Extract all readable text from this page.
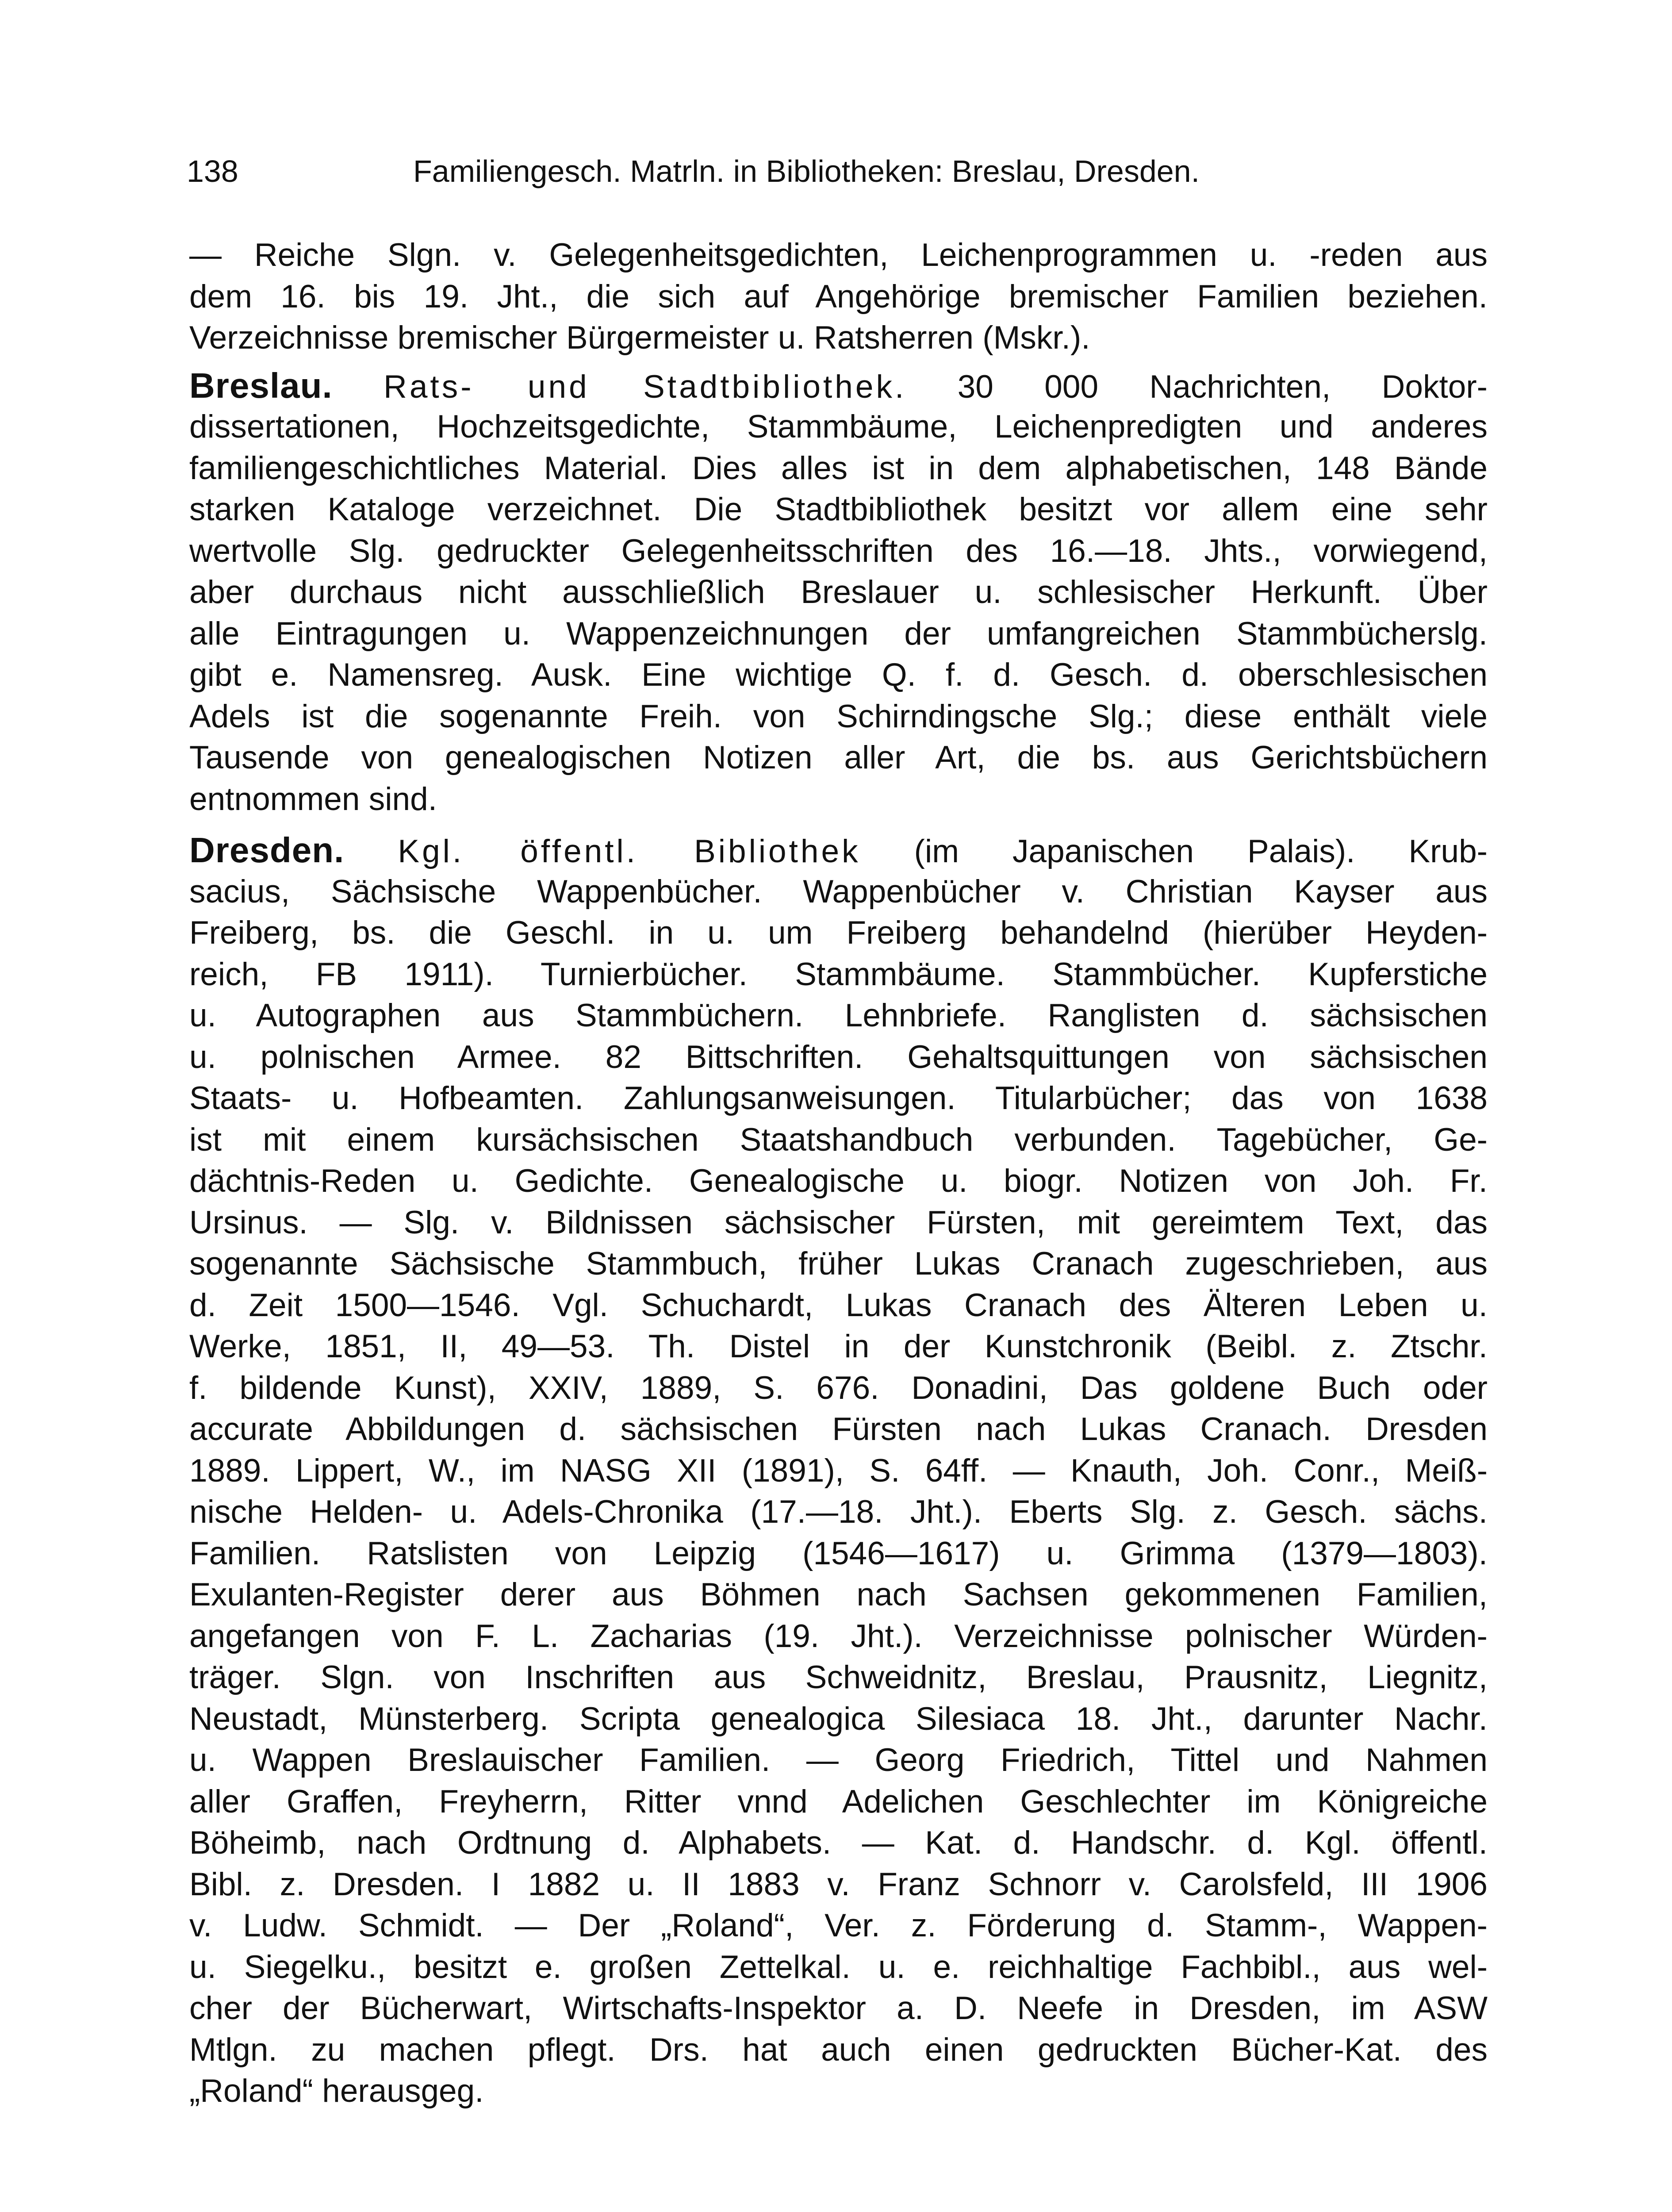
138	Familiengesch. Matrln. in Bibliotheken: Breslau, Dresden.
— Reiche Slgn. v. Gelegenheitsgedichten, Leichenprogrammen u. -reden aus
dem 16. bis 19. Jht., die sich auf Angehörige bremischer Familien beziehen.
Verzeichnisse bremischer Bürgermeister u. Ratsherren (Mskr.).
Breslau. Rats- und Stadtbibliothek. 30 000 Nachrichten, Doktor-
dissertationen, Hochzeitsgedichte, Stammbäume, Leichenpredigten und anderes
familiengeschichtliches Material. Dies alles ist in dem alphabetischen, 148 Bände
starken Kataloge verzeichnet. Die Stadtbibliothek besitzt vor allem eine sehr
wertvolle Slg. gedruckter Gelegenheitsschriften des 16.—18. Jhts., vorwiegend,
aber durchaus nicht ausschließlich Breslauer u. schlesischer Herkunft. Über
alle Eintragungen u. Wappenzeichnungen der umfangreichen Stammbücherslg.
gibt e. Namensreg. Ausk. Eine wichtige Q. f. d. Gesch. d. oberschlesischen
Adels ist die sogenannte Freih. von Schirndingsche Slg.; diese enthält viele
Tausende von genealogischen Notizen aller Art, die bs. aus Gerichtsbüchern
entnommen sind.
Dresden. Kgl. öffentl. Bibliothek (im Japanischen Palais). Krub-
sacius, Sächsische Wappenbücher. Wappenbücher v. Christian Kayser aus
Freiberg, bs. die Geschl. in u. um Freiberg behandelnd (hierüber Heyden-
reich, FB 1911). Turnierbücher. Stammbäume. Stammbücher. Kupferstiche
u. Autographen aus Stammbüchern. Lehnbriefe. Ranglisten d. sächsischen
u. polnischen Armee. 82 Bittschriften. Gehaltsquittungen von sächsischen
Staats- u. Hofbeamten. Zahlungsanweisungen. Titularbücher; das von 1638
ist mit einem kursächsischen Staatshandbuch verbunden. Tagebücher, Ge-
dächtnis-Reden u. Gedichte. Genealogische u. biogr. Notizen von Joh. Fr.
Ursinus. — Slg. v. Bildnissen sächsischer Fürsten, mit gereimtem Text, das
sogenannte Sächsische Stammbuch, früher Lukas Cranach zugeschrieben, aus
d. Zeit 1500—1546. Vgl. Schuchardt, Lukas Cranach des Älteren Leben u.
Werke, 1851, II, 49—53. Th. Distel in der Kunstchronik (Beibl. z. Ztschr.
f. bildende Kunst), XXIV, 1889, S. 676. Donadini, Das goldene Buch oder
accurate Abbildungen d. sächsischen Fürsten nach Lukas Cranach. Dresden
1889. Lippert, W., im NASG XII (1891), S. 64ff. — Knauth, Joh. Conr., Meiß-
nische Helden- u. Adels-Chronika (17.—18. Jht.). Eberts Slg. z. Gesch. sächs.
Familien. Ratslisten von Leipzig (1546—1617) u. Grimma (1379—1803).
Exulanten-Register derer aus Böhmen nach Sachsen gekommenen Familien,
angefangen von F. L. Zacharias (19. Jht.). Verzeichnisse polnischer Würden-
träger. Slgn. von Inschriften aus Schweidnitz, Breslau, Prausnitz, Liegnitz,
Neustadt, Münsterberg. Scripta genealogica Silesiaca 18. Jht., darunter Nachr.
u. Wappen Breslauischer Familien. — Georg Friedrich, Tittel und Nahmen
aller Graffen, Freyherrn, Ritter vnnd Adelichen Geschlechter im Königreiche
Böheimb, nach Ordtnung d. Alphabets. — Kat. d. Handschr. d. Kgl. öffentl.
Bibl. z. Dresden. I 1882 u. II 1883 v. Franz Schnorr v. Carolsfeld, III 1906
v. Ludw. Schmidt. — Der „Roland“, Ver. z. Förderung d. Stamm-, Wappen-
u. Siegelku., besitzt e. großen Zettelkal. u. e. reichhaltige Fachbibl., aus wel-
cher der Bücherwart, Wirtschafts-Inspektor a. D. Neefe in Dresden, im ASW
Mtlgn. zu machen pflegt. Drs. hat auch einen gedruckten Bücher-Kat. des
„Roland“ herausgeg.
